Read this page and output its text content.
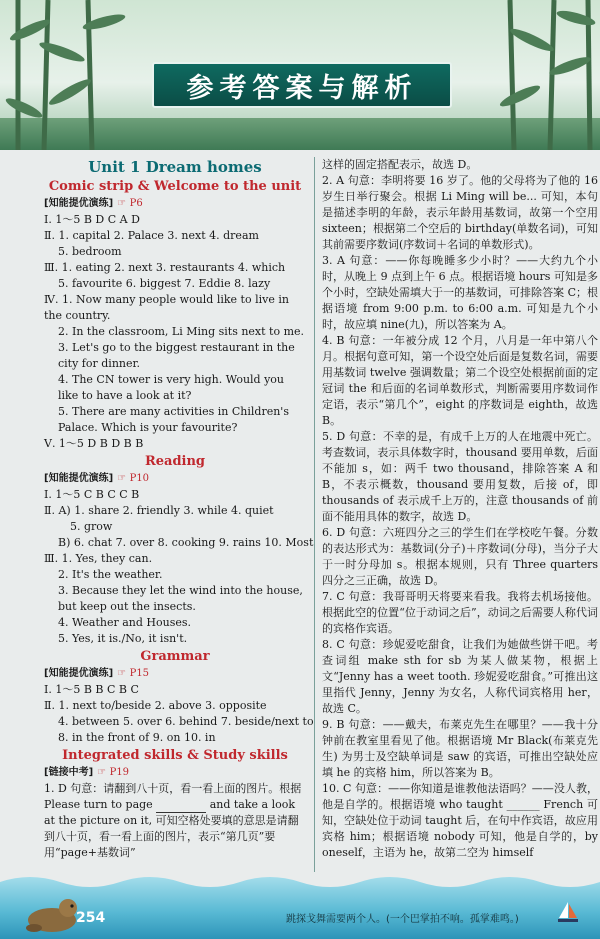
参考答案与解析
Unit 1 Dream homes
Comic strip & Welcome to the unit
[知能提优演练] ☞ P6
Ⅰ. 1～5 B D C A D
Ⅱ. 1. capital 2. Palace 3. next 4. dream
5. bedroom
Ⅲ. 1. eating 2. next 3. restaurants 4. which
5. favourite 6. biggest 7. Eddie 8. lazy
Ⅳ. 1. Now many people would like to live in the country.
2. In the classroom, Li Ming sits next to me.
3. Let's go to the biggest restaurant in the city for dinner.
4. The CN tower is very high. Would you like to have a look at it?
5. There are many activities in Children's Palace. Which is your favourite?
Ⅴ. 1～5 D B D B B
Reading
[知能提优演练] ☞ P10
Ⅰ. 1～5 C B C C B
Ⅱ. A) 1. share 2. friendly 3. while 4. quiet
5. grow
B) 6. chat 7. over 8. cooking 9. rains 10. Most
Ⅲ. 1. Yes, they can.
2. It's the weather.
3. Because they let the wind into the house, but keep out the insects.
4. Weather and Houses.
5. Yes, it is./No, it isn't.
Grammar
[知能提优演练] ☞ P15
Ⅰ. 1～5 B B C B C
Ⅱ. 1. next to/beside 2. above 3. opposite
4. between 5. over 6. behind 7. beside/next to
8. in the front of 9. on 10. in
Integrated skills & Study skills
[链接中考] ☞ P19
1. D 句意：请翻到八十页，看一看上面的图片。根据 Please turn to page	and take a look at the picture on it, 可知空格处要填的意思是请翻到八十页，看一看上面的图片，表示“第几页”要用“page+基数词”

这样的固定搭配表示，故选 D。

2. A 句意：李明将要 16 岁了。他的父母将为了他的 16 岁生日举行聚会。根据 Li Ming will be... 可知，本句是描述李明的年龄，表示年龄用基数词，故第一个空用 sixteen；根据第二个空后的 birthday(单数名词)，可知其前需要序数词(序数词＋名词的单数形式)。

3. A 句意：——你每晚睡多少小时？——大约九个小时，从晚上 9 点到上午 6 点。根据语境 hours 可知是多个小时，空缺处需填大于一的基数词，可排除答案 C；根据语境 from 9:00 p.m. to 6:00 a.m. 可知是九个小时，故应填 nine(九)，所以答案为 A。

4. B 句意：一年被分成 12 个月，八月是一年中第八个月。根据句意可知，第一个设空处后面是复数名词，需要用基数词 twelve 强调数量；第二个设空处根据前面的定冠词 the 和后面的名词单数形式，判断需要用序数词作定语，表示“第几个”，eight 的序数词是 eighth，故选 B。

5. D 句意：不幸的是，有成千上万的人在地震中死亡。考查数词，表示具体数字时，thousand 要用单数，后面不能加 s，如：两千 two thousand，排除答案 A 和 B，不表示概数，thousand 要用复数，后接 of，即 thousands of 表示成千上万的，注意 thousands of 前面不能用具体的数字，故选 D。

6. D 句意：六班四分之三的学生们在学校吃午餐。分数的表达形式为：基数词(分子)＋序数词(分母)，当分子大于一时分母加 s。根据本规则，只有 Three quarters 四分之三正确，故选 D。

7. C 句意：我哥哥明天将要来看我。我将去机场接他。根据此空的位置“位于动词之后”，动词之后需要人称代词的宾格作宾语。

8. C 句意：珍妮爱吃甜食，让我们为她做些饼干吧。考查词组 make sth for sb 为某人做某物，根据上文“Jenny has a weet tooth. 珍妮爱吃甜食。”可推出这里指代 Jenny，Jenny 为女名，人称代词宾格用 her，故选 C。

9. B 句意：——戴夫，布莱克先生在哪里？——我十分钟前在教室里看见了他。根据语境 Mr Black(布莱克先生) 为男士及空缺单词是 saw 的宾语，可推出空缺处应填 he 的宾格 him，所以答案为 B。

10. C 句意：——你知道是谁教他法语吗？——没人教，他是自学的。根据语境 who taught ______ French 可知，空缺处位于动词 taught 后，在句中作宾语，故应用宾格 him；根据语境 nobody 可知，他是自学的，by oneself，主语为 he，故第二空为 himself

254	跳探戈舞需要两个人。(一个巴掌拍不响。孤掌难鸣。)
